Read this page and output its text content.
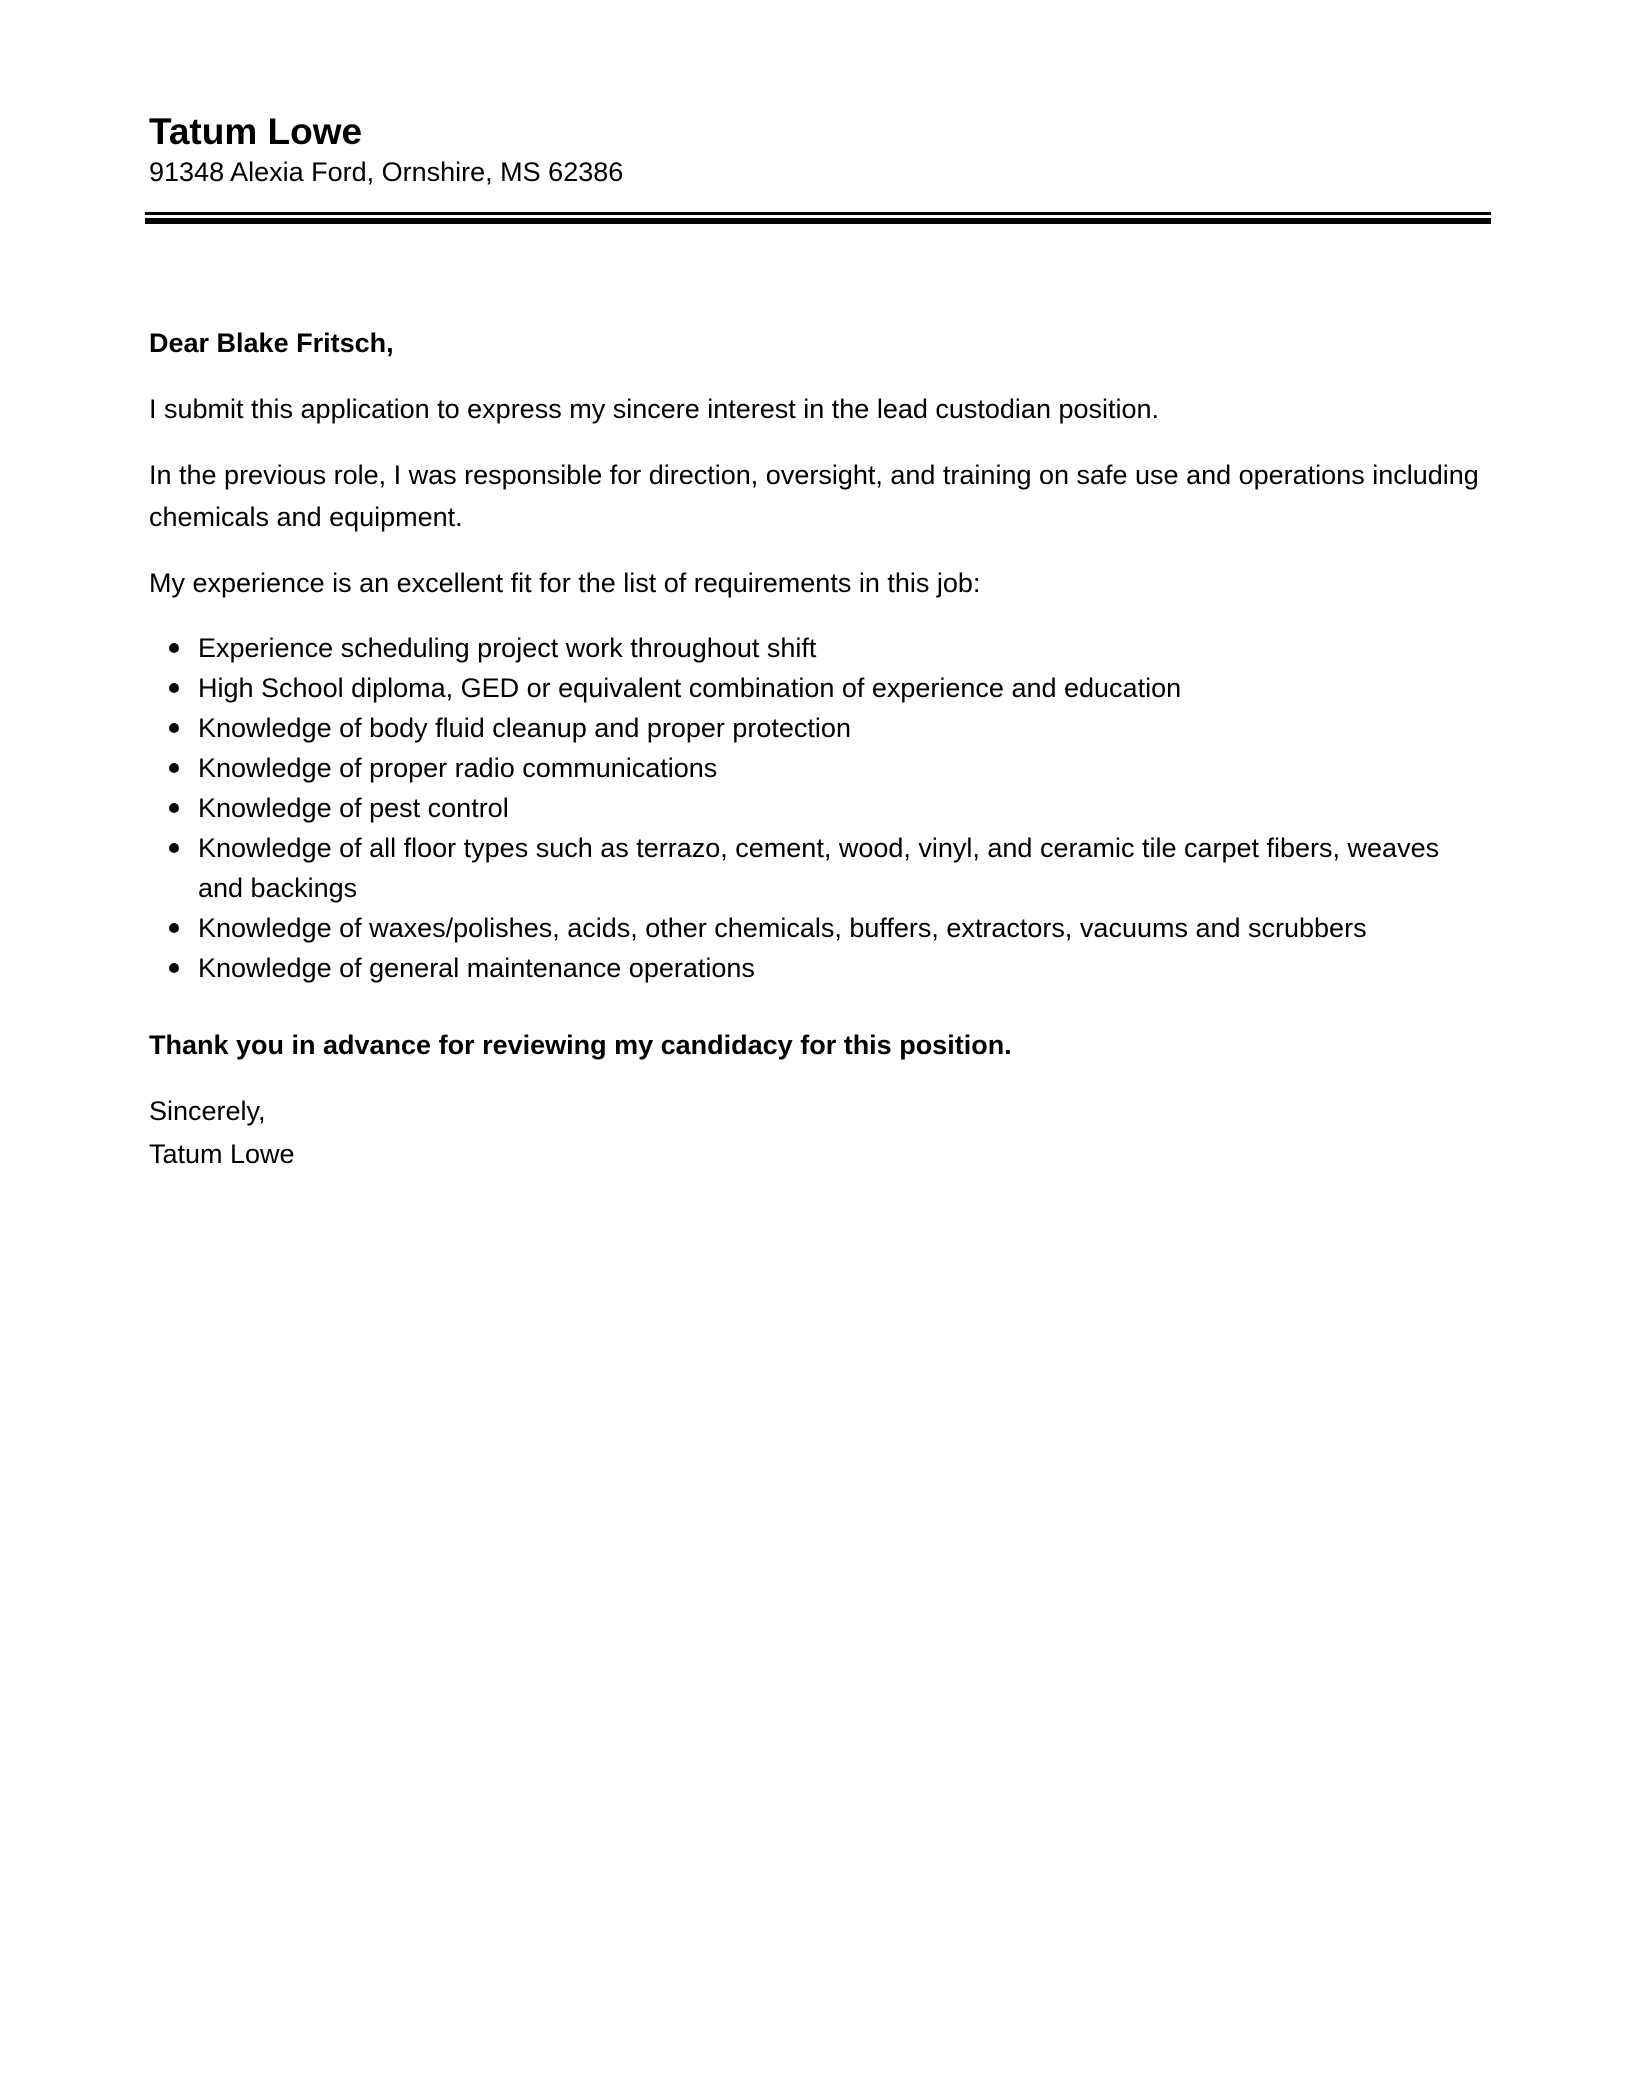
Tatum Lowe
91348 Alexia Ford, Ornshire, MS 62386

Dear Blake Fritsch,

I submit this application to express my sincere interest in the lead custodian position.

In the previous role, I was responsible for direction, oversight, and training on safe use and operations including chemicals and equipment.

My experience is an excellent fit for the list of requirements in this job:

Experience scheduling project work throughout shift
High School diploma, GED or equivalent combination of experience and education
Knowledge of body fluid cleanup and proper protection
Knowledge of proper radio communications
Knowledge of pest control
Knowledge of all floor types such as terrazo, cement, wood, vinyl, and ceramic tile carpet fibers, weaves and backings
Knowledge of waxes/polishes, acids, other chemicals, buffers, extractors, vacuums and scrubbers
Knowledge of general maintenance operations

Thank you in advance for reviewing my candidacy for this position.

Sincerely,
Tatum Lowe
